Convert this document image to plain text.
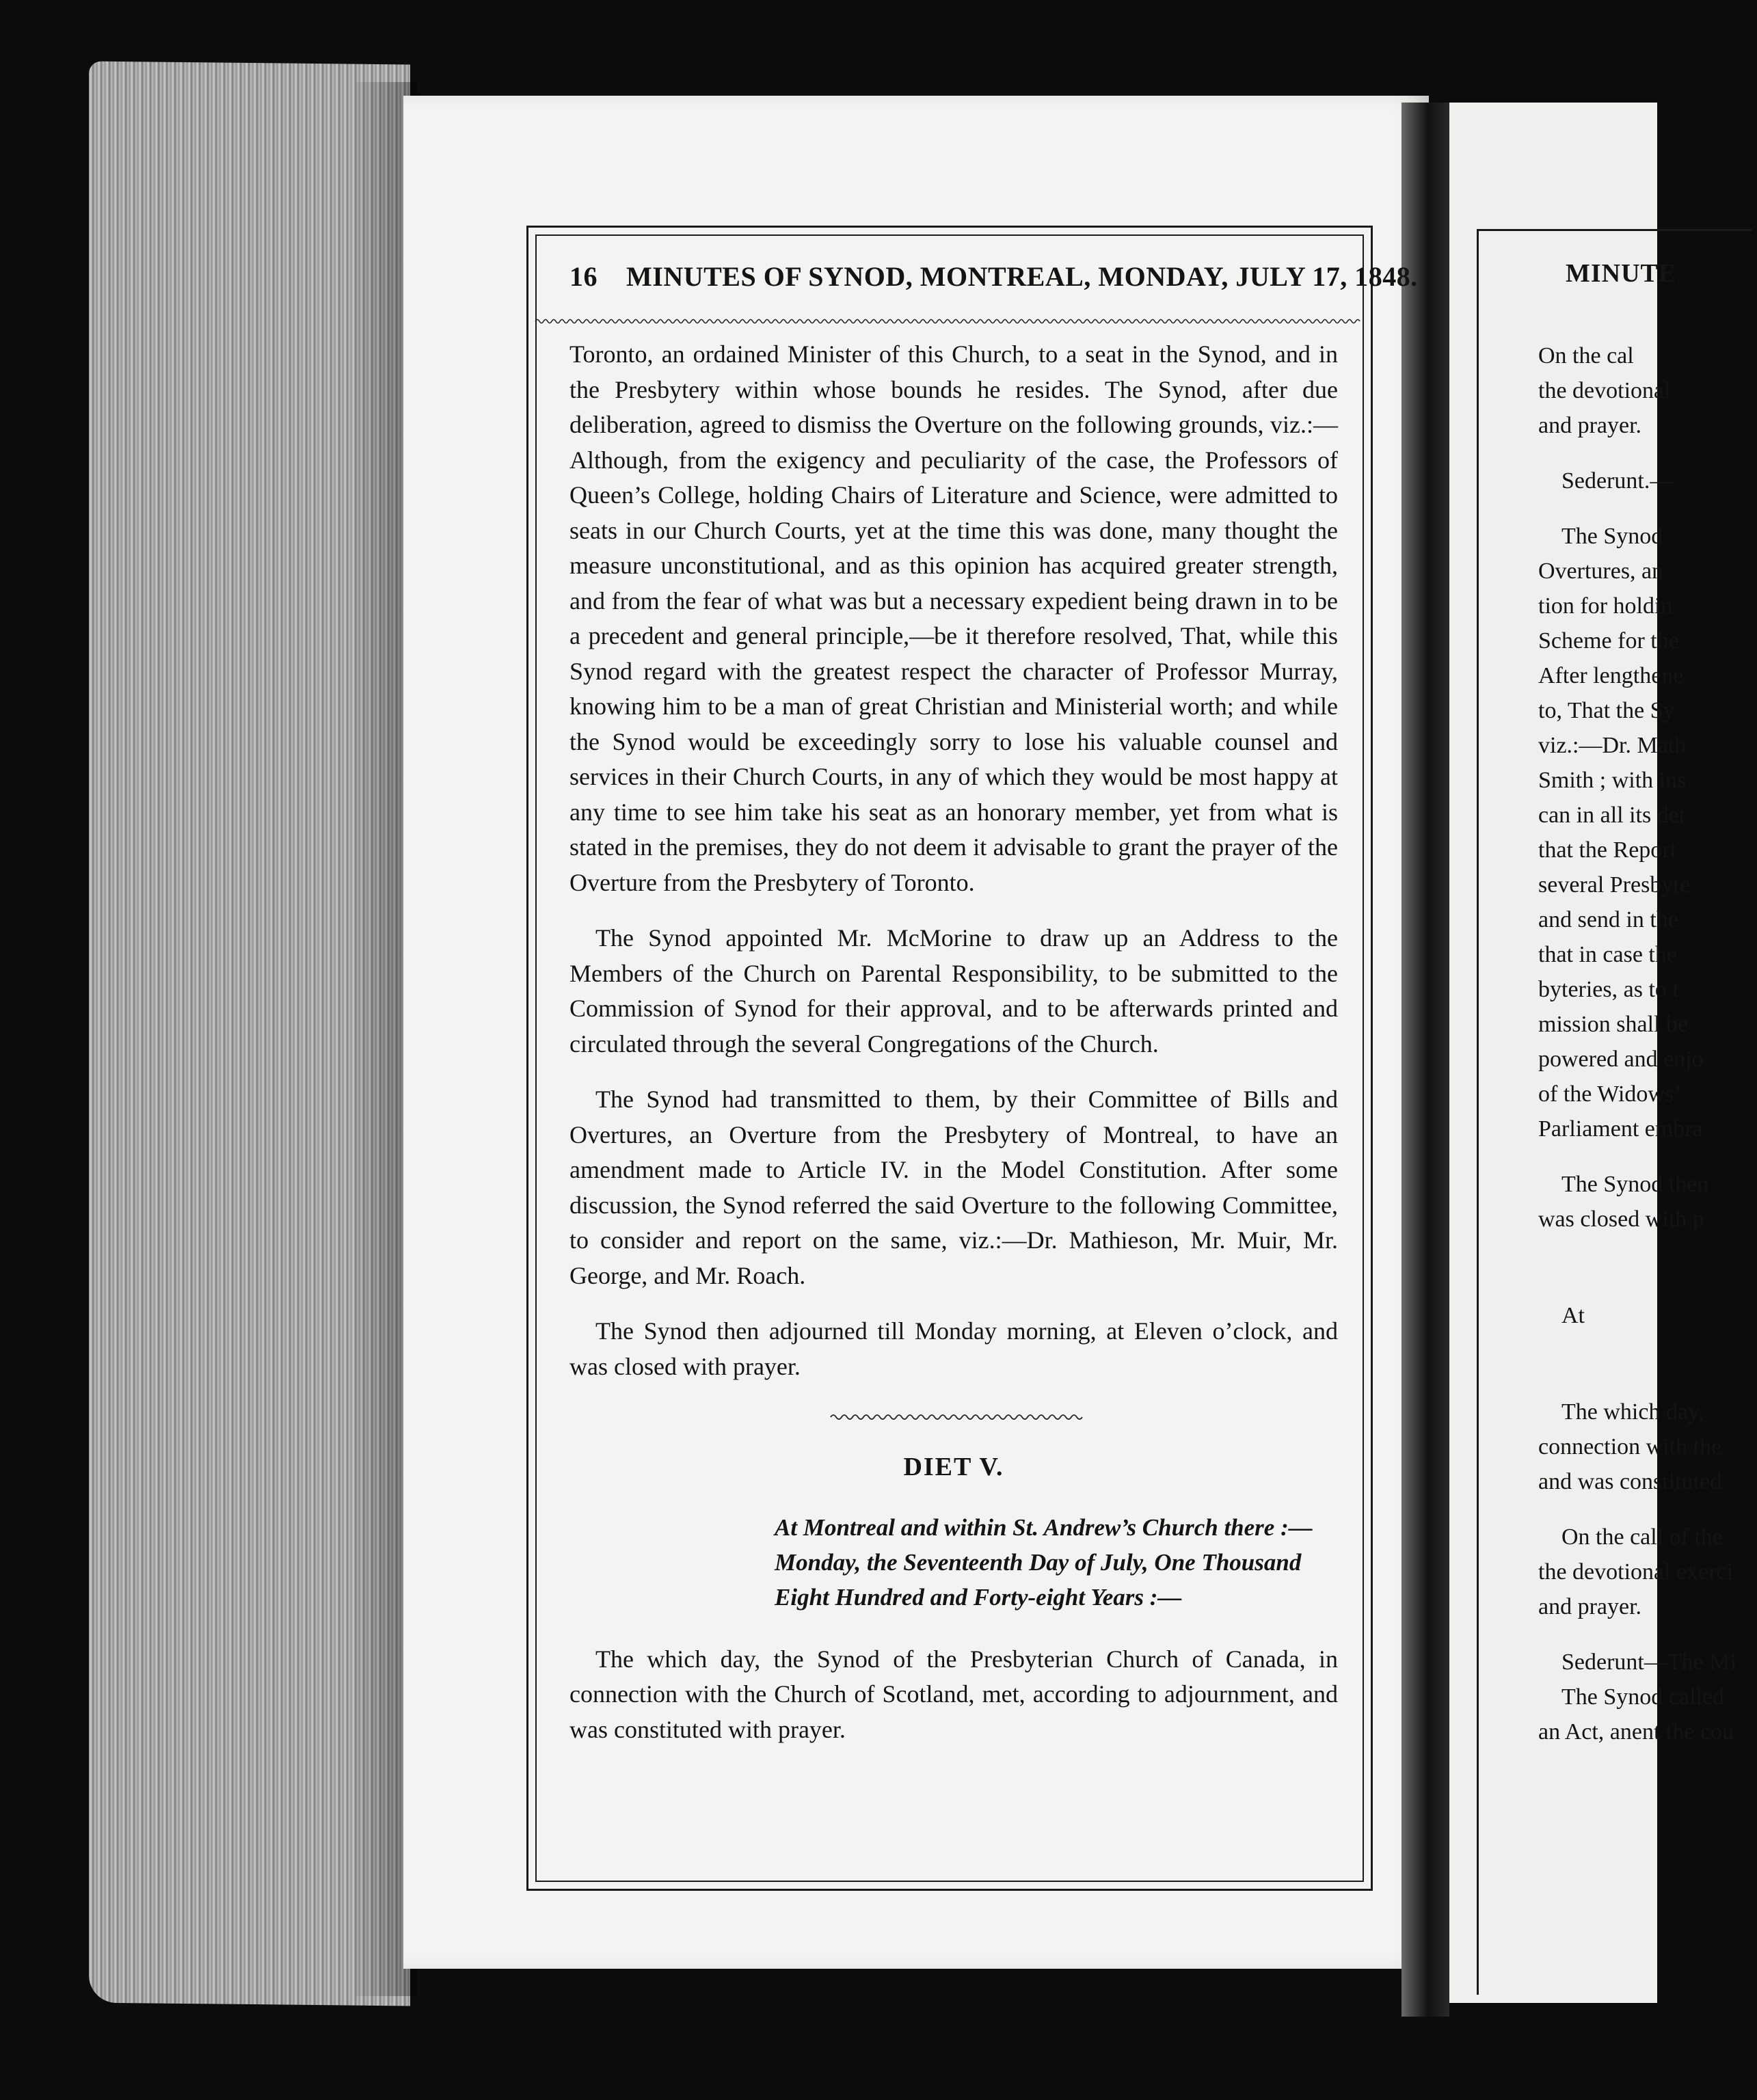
MINUTE
On the cal
the devotional
and prayer.
Sederunt.—
The Synod
Overtures, an
tion for holdin
Scheme for the
After lengthene
to, That the Sy
viz.:—Dr. Math
Smith ; with ins
can in all its det
that the Report
several Presbyte
and send in the
that in case the
byteries, as to t
mission shall be
powered and enjo
of the Widows’
Parliament embra
The Synod then
was closed with p
At
The which day,
connection with the
and was constituted
On the call of the
the devotional exerci
and prayer.
Sederunt—The Mi
The Synod called
an Act, anent the cou
16 MINUTES OF SYNOD, MONTREAL, MONDAY, JULY 17, 1848.

Toronto, an ordained Minister of this Church, to a seat in the Synod, and in the Presbytery within whose bounds he resides. The Synod, after due deliberation, agreed to dismiss the Overture on the following grounds, viz.:—Although, from the exigency and peculiarity of the case, the Professors of Queen’s College, holding Chairs of Literature and Science, were admitted to seats in our Church Courts, yet at the time this was done, many thought the measure unconstitutional, and as this opinion has acquired greater strength, and from the fear of what was but a necessary expedient being drawn in to be a precedent and general principle,—be it therefore resolved, That, while this Synod regard with the greatest respect the character of Professor Murray, knowing him to be a man of great Christian and Ministerial worth; and while the Synod would be exceedingly sorry to lose his valuable counsel and services in their Church Courts, in any of which they would be most happy at any time to see him take his seat as an honorary member, yet from what is stated in the premises, they do not deem it advisable to grant the prayer of the Overture from the Presbytery of Toronto.

The Synod appointed Mr. McMorine to draw up an Address to the Members of the Church on Parental Responsibility, to be submitted to the Commission of Synod for their approval, and to be afterwards printed and circulated through the several Congregations of the Church.

The Synod had transmitted to them, by their Committee of Bills and Overtures, an Overture from the Presbytery of Montreal, to have an amendment made to Article IV. in the Model Constitution. After some discussion, the Synod referred the said Overture to the following Committee, to consider and report on the same, viz.:—Dr. Mathieson, Mr. Muir, Mr. George, and Mr. Roach.

The Synod then adjourned till Monday morning, at Eleven o’clock, and was closed with prayer.

DIET V.
At Montreal and within St. Andrew’s Church there :—
Monday, the Seventeenth Day of July, One Thousand
Eight Hundred and Forty-eight Years :—

The which day, the Synod of the Presbyterian Church of Canada, in connection with the Church of Scotland, met, according to adjournment, and was constituted with prayer.
